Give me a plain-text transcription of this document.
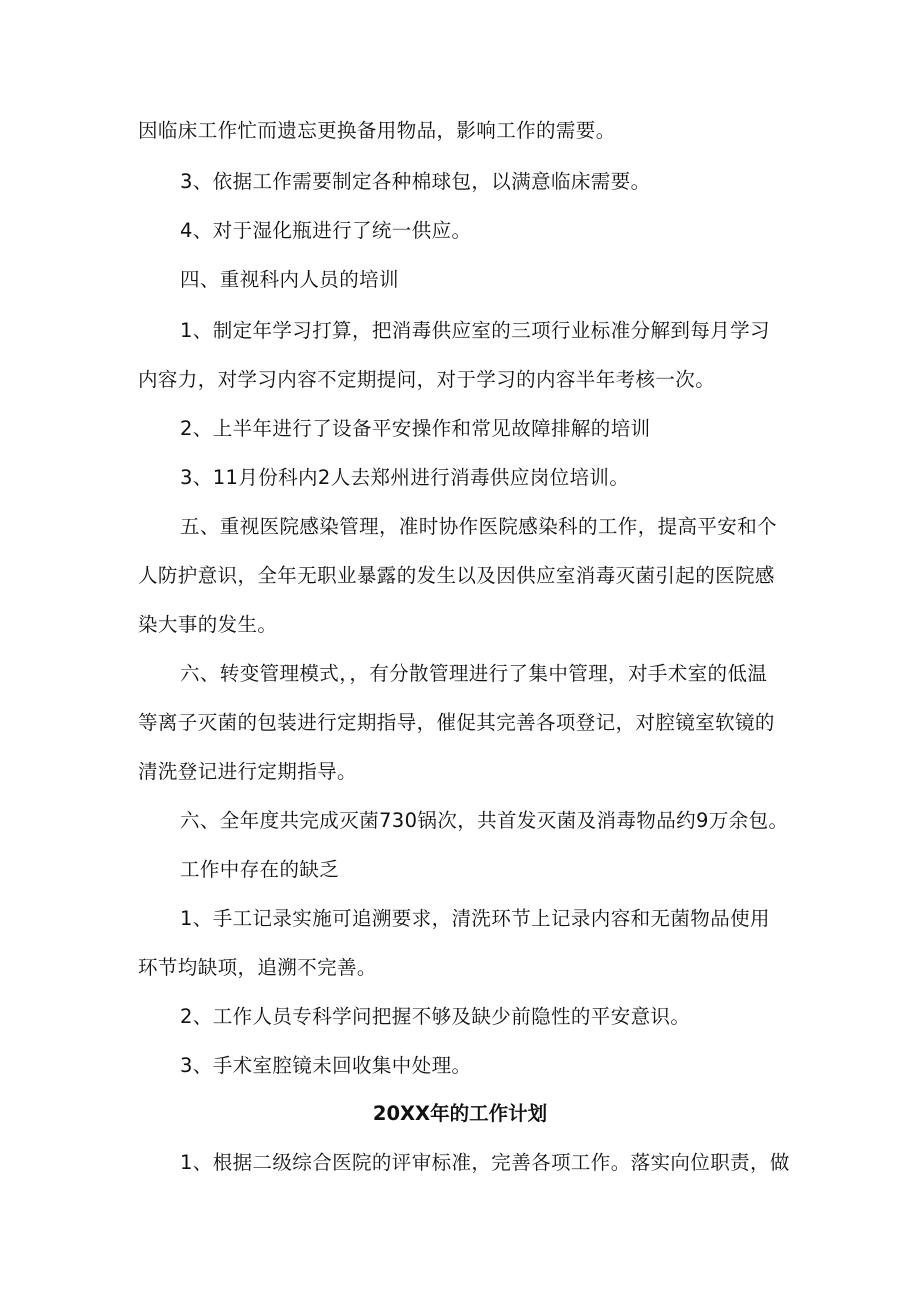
因临床工作忙而遗忘更换备用物品，影响工作的需要。
3、依据工作需要制定各种棉球包，以满意临床需要。
4、对于湿化瓶进行了统一供应。
四、重视科内人员的培训
1、制定年学习打算，把消毒供应室的三项行业标准分解到每月学习
内容力，对学习内容不定期提问，对于学习的内容半年考核一次。
2、上半年进行了设备平安操作和常见故障排解的培训
3、11月份科内2人去郑州进行消毒供应岗位培训。
五、重视医院感染管理，准时协作医院感染科的工作，提高平安和个
人防护意识，全年无职业暴露的发生以及因供应室消毒灭菌引起的医院感
染大事的发生。
六、转变管理模式，，有分散管理进行了集中管理，对手术室的低温
等离子灭菌的包装进行定期指导，催促其完善各项登记，对腔镜室软镜的
清洗登记进行定期指导。
六、全年度共完成灭菌730锅次，共首发灭菌及消毒物品约9万余包。
工作中存在的缺乏
1、手工记录实施可追溯要求，清洗环节上记录内容和无菌物品使用
环节均缺项，追溯不完善。
2、工作人员专科学问把握不够及缺少前隐性的平安意识。
3、手术室腔镜未回收集中处理。
20XX年的工作计划
1、根据二级综合医院的评审标准，完善各项工作。落实向位职责，做
